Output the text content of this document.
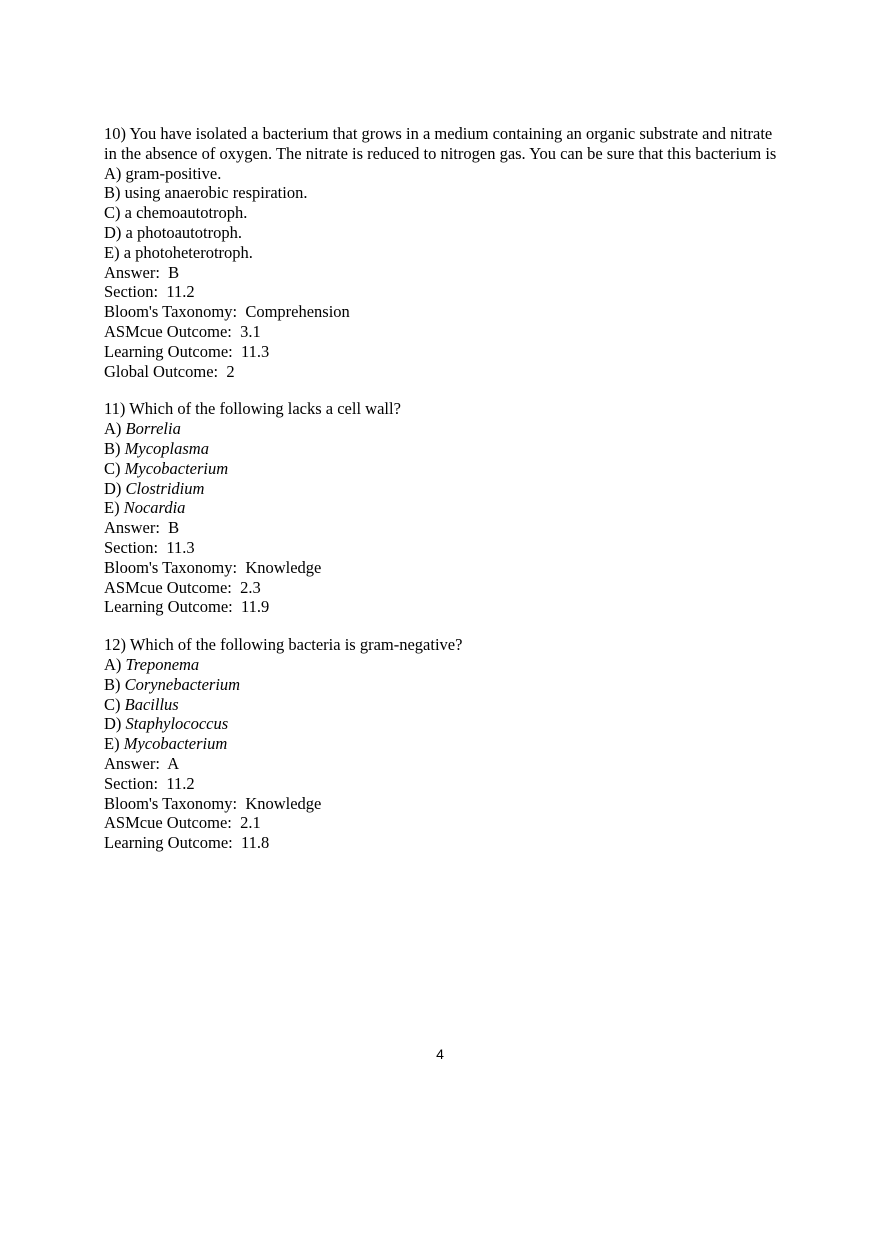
10) You have isolated a bacterium that grows in a medium containing an organic substrate and nitrate in the absence of oxygen. The nitrate is reduced to nitrogen gas. You can be sure that this bacterium is
A) gram-positive.
B) using anaerobic respiration.
C) a chemoautotroph.
D) a photoautotroph.
E) a photoheterotroph.
Answer:  B
Section:  11.2
Bloom's Taxonomy:  Comprehension
ASMcue Outcome:  3.1
Learning Outcome:  11.3
Global Outcome:  2
11) Which of the following lacks a cell wall?
A) Borrelia
B) Mycoplasma
C) Mycobacterium
D) Clostridium
E) Nocardia
Answer:  B
Section:  11.3
Bloom's Taxonomy:  Knowledge
ASMcue Outcome:  2.3
Learning Outcome:  11.9
12) Which of the following bacteria is gram-negative?
A) Treponema
B) Corynebacterium
C) Bacillus
D) Staphylococcus
E) Mycobacterium
Answer:  A
Section:  11.2
Bloom's Taxonomy:  Knowledge
ASMcue Outcome:  2.1
Learning Outcome:  11.8
4
